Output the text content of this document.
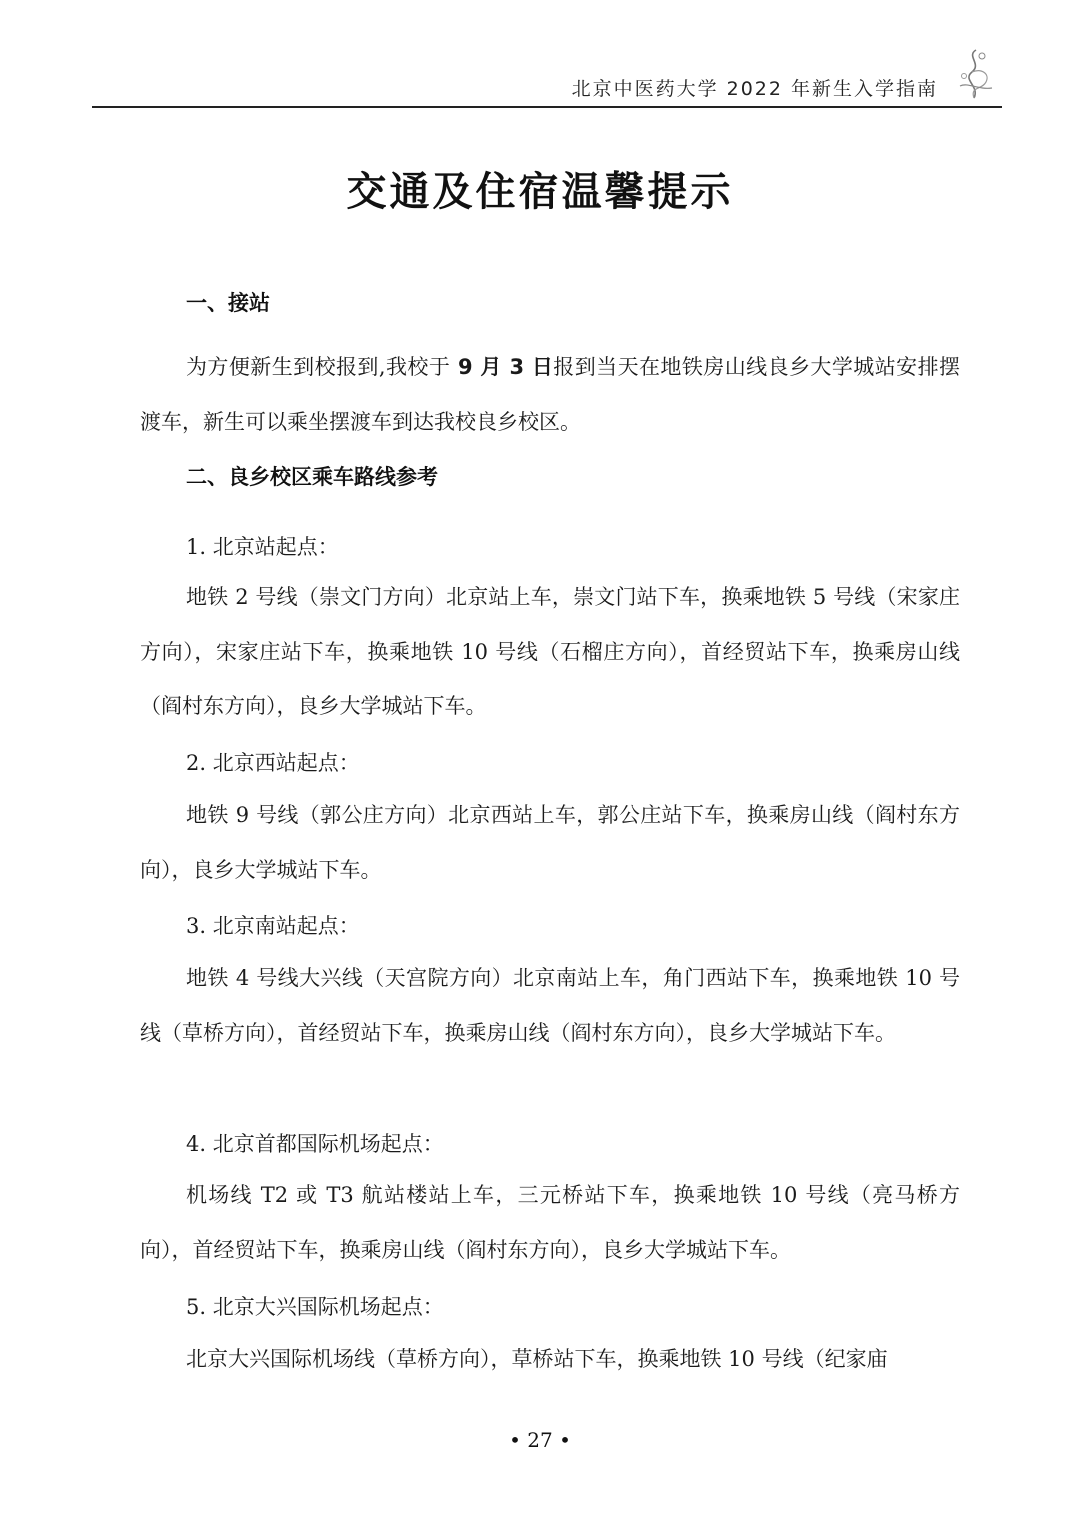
北京中医药大学 2022 年新生入学指南
交通及住宿温馨提示
一、接站
为方便新生到校报到,我校于 9 月 3 日报到当天在地铁房山线良乡大学城站安排摆渡车，新生可以乘坐摆渡车到达我校良乡校区。
二、良乡校区乘车路线参考
1. 北京站起点：
地铁 2 号线（崇文门方向）北京站上车，崇文门站下车，换乘地铁 5 号线（宋家庄方向），宋家庄站下车，换乘地铁 10 号线（石榴庄方向），首经贸站下车，换乘房山线（阎村东方向），良乡大学城站下车。
2. 北京西站起点：
地铁 9 号线（郭公庄方向）北京西站上车，郭公庄站下车，换乘房山线（阎村东方向），良乡大学城站下车。
3. 北京南站起点：
地铁 4 号线大兴线（天宫院方向）北京南站上车，角门西站下车，换乘地铁 10 号线（草桥方向），首经贸站下车，换乘房山线（阎村东方向），良乡大学城站下车。
4. 北京首都国际机场起点：
机场线 T2 或 T3 航站楼站上车，三元桥站下车，换乘地铁 10 号线（亮马桥方向），首经贸站下车，换乘房山线（阎村东方向），良乡大学城站下车。
5. 北京大兴国际机场起点：
北京大兴国际机场线（草桥方向），草桥站下车，换乘地铁 10 号线（纪家庙
• 27 •
